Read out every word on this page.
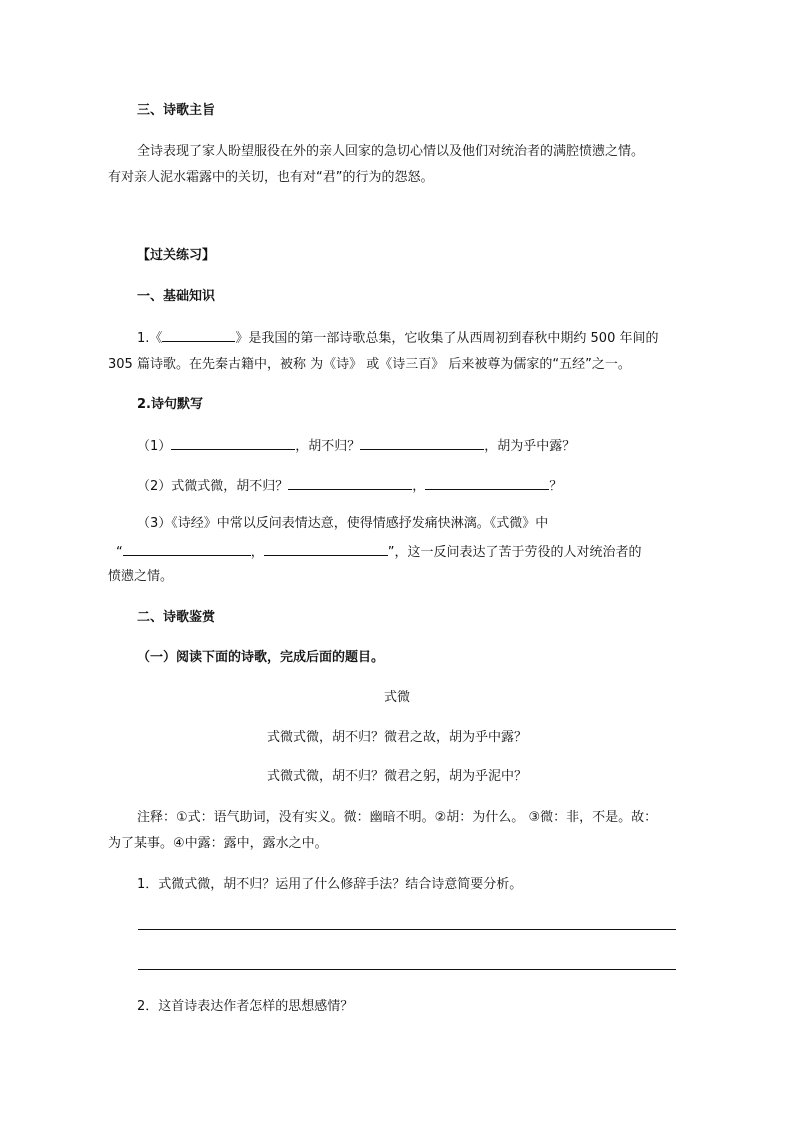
三、诗歌主旨
全诗表现了家人盼望服役在外的亲人回家的急切心情以及他们对统治者的满腔愤懑之情。
有对亲人泥水霜露中的关切，也有对“君”的行为的怨怒。
【过关练习】
一、基础知识
1.《	》是我国的第一部诗歌总集，它收集了从西周初到春秋中期约 500 年间的
305 篇诗歌。在先秦古籍中，被称 为《诗》 或《诗三百》 后来被尊为儒家的“五经”之一。
2.诗句默写
（1）	，胡不归？	，胡为乎中露？
（2）式微式微，胡不归？	，	？
（3）《诗经》中常以反问表情达意，使得情感抒发痛快淋漓。《式微》中
“	，	”，这一反问表达了苦于劳役的人对统治者的
愤懑之情。
二、诗歌鉴赏
（一）阅读下面的诗歌，完成后面的题目。
式微
式微式微，胡不归？微君之故，胡为乎中露？
式微式微，胡不归？微君之躬，胡为乎泥中？
注释：①式：语气助词，没有实义。微：幽暗不明。②胡：为什么。 ③微：非，不是。故：
为了某事。④中露：露中，露水之中。
1．式微式微，胡不归？运用了什么修辞手法？结合诗意简要分析。
2．这首诗表达作者怎样的思想感情？
